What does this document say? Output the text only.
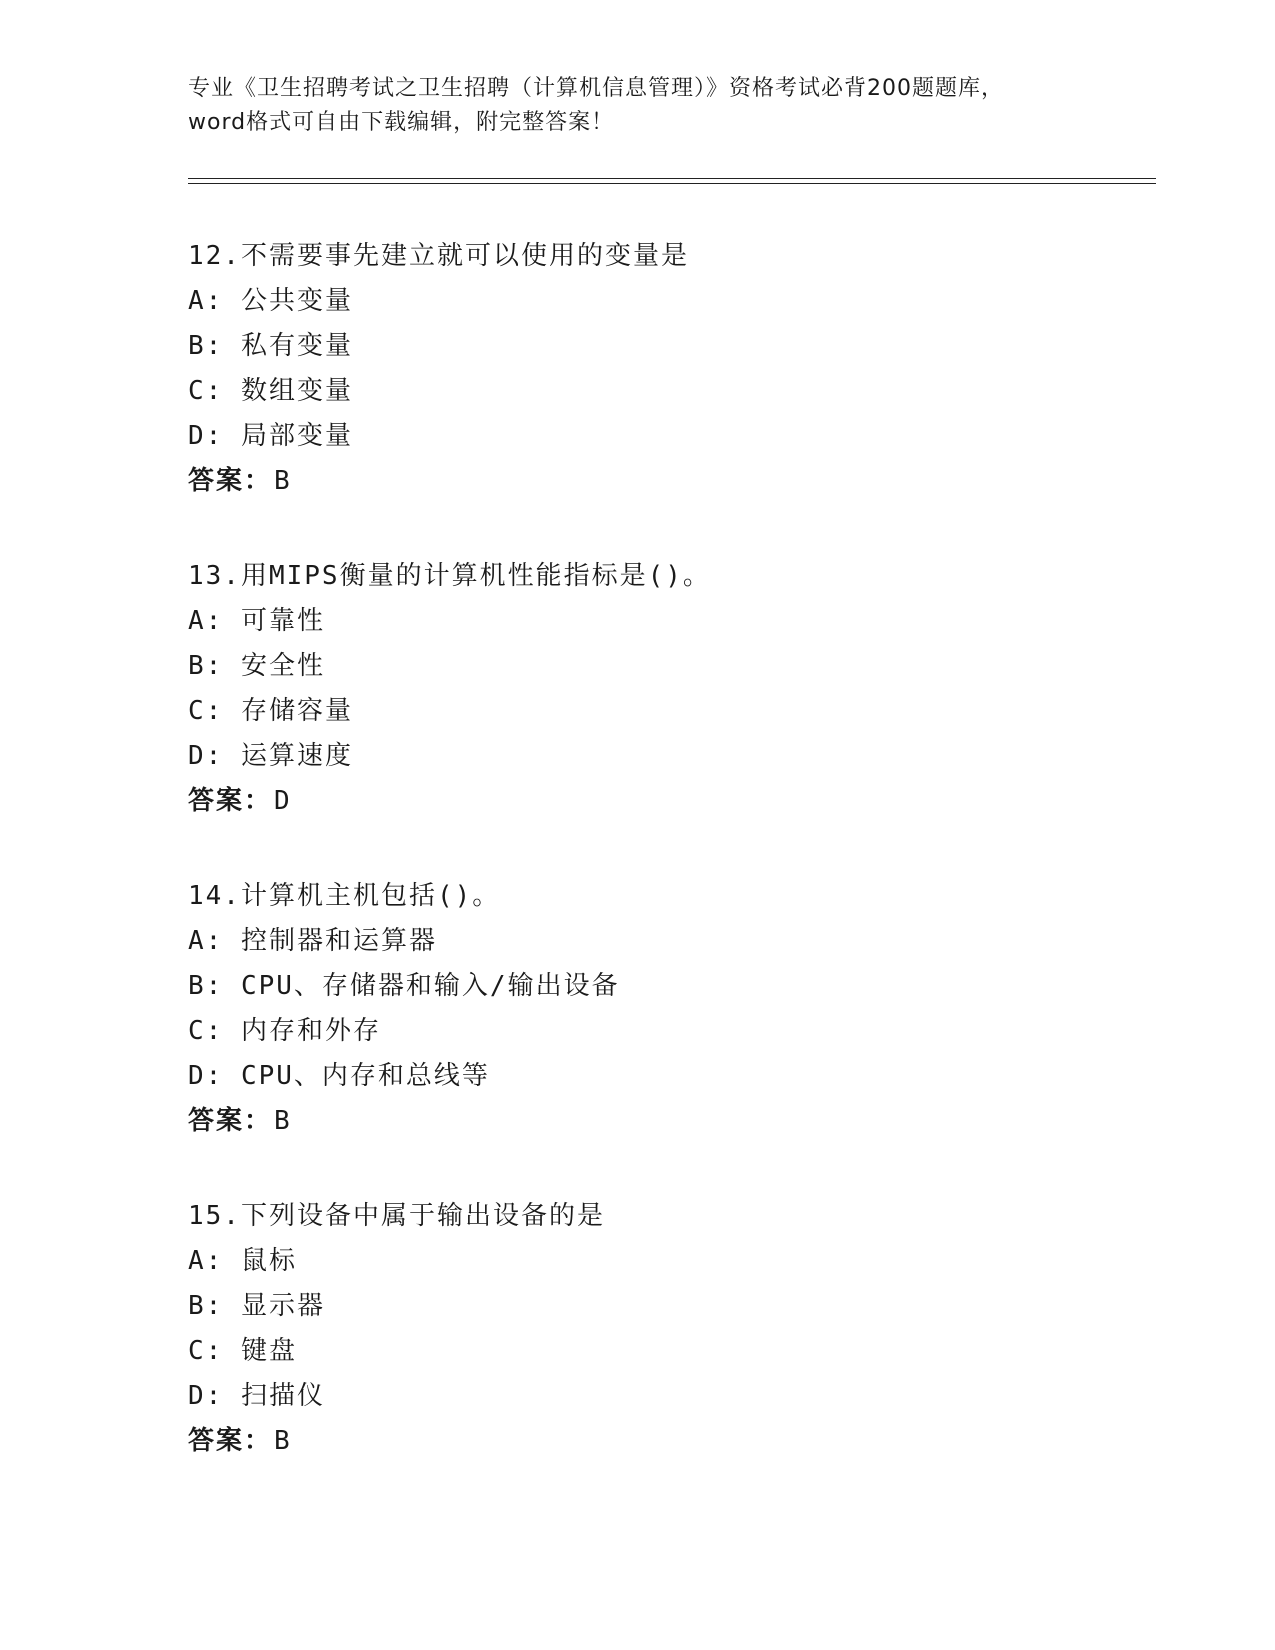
专业《卫生招聘考试之卫生招聘（计算机信息管理）》资格考试必背200题题库，
word格式可自由下载编辑，附完整答案！
12.不需要事先建立就可以使用的变量是
A: 公共变量
B: 私有变量
C: 数组变量
D: 局部变量
答案：B
13.用MIPS衡量的计算机性能指标是()。
A: 可靠性
B: 安全性
C: 存储容量
D: 运算速度
答案：D
14.计算机主机包括()。
A: 控制器和运算器
B: CPU、存储器和输入/输出设备
C: 内存和外存
D: CPU、内存和总线等
答案：B
15.下列设备中属于输出设备的是
A: 鼠标
B: 显示器
C: 键盘
D: 扫描仪
答案：B
